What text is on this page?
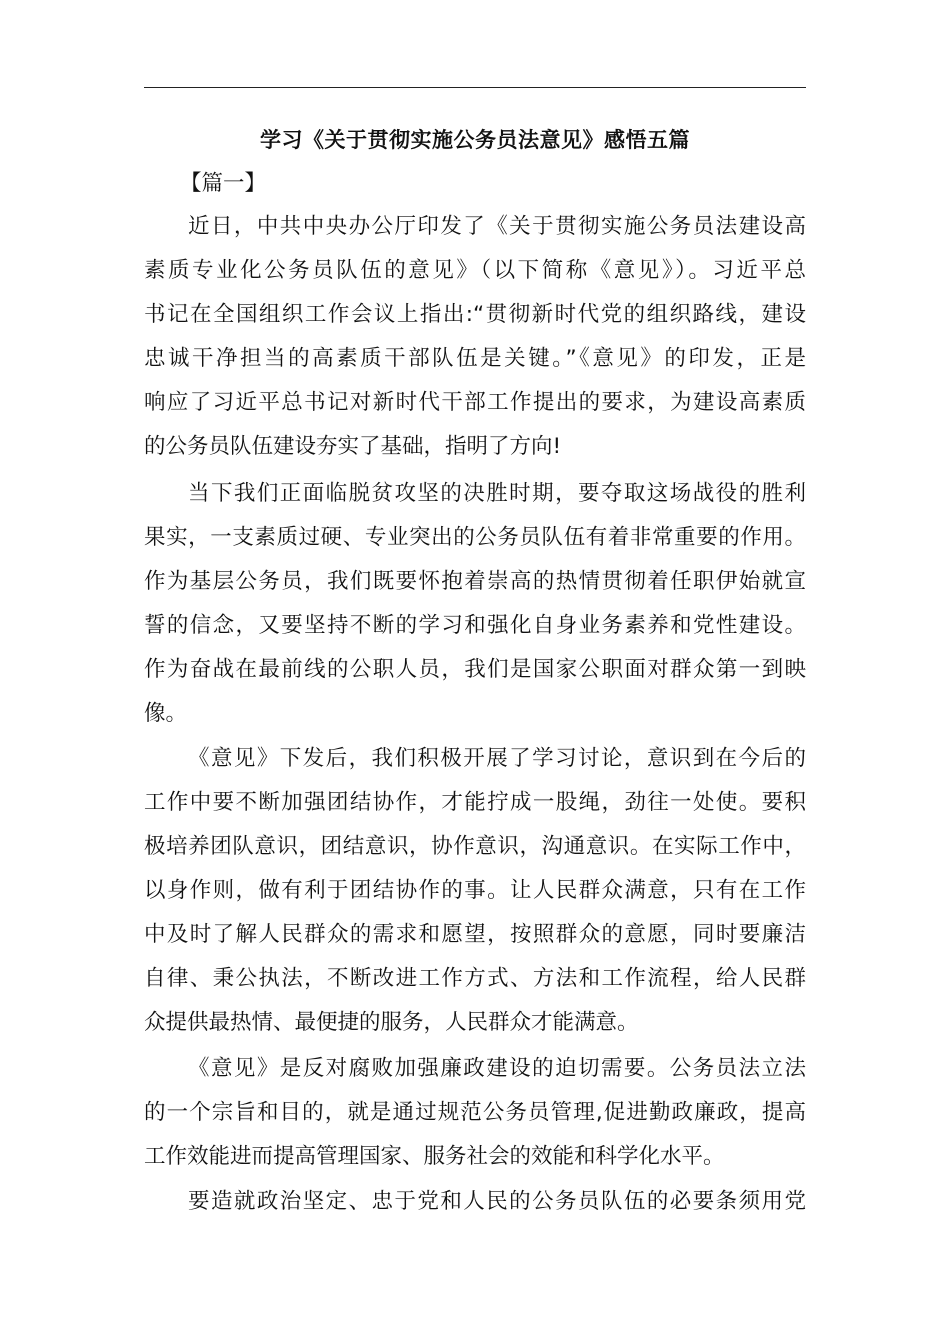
学习《关于贯彻实施公务员法意见》感悟五篇
【篇一】
近日，中共中央办公厅印发了《关于贯彻实施公务员法建设高
素质专业化公务员队伍的意见》（以下简称《意见》）。习近平总
书记在全国组织工作会议上指出:“贯彻新时代党的组织路线，建设
忠诚干净担当的高素质干部队伍是关键。”《意见》的印发，正是
响应了习近平总书记对新时代干部工作提出的要求，为建设高素质
的公务员队伍建设夯实了基础，指明了方向!
当下我们正面临脱贫攻坚的决胜时期，要夺取这场战役的胜利
果实，一支素质过硬、专业突出的公务员队伍有着非常重要的作用。
作为基层公务员，我们既要怀抱着崇高的热情贯彻着任职伊始就宣
誓的信念，又要坚持不断的学习和强化自身业务素养和党性建设。
作为奋战在最前线的公职人员，我们是国家公职面对群众第一到映
像。
《意见》下发后，我们积极开展了学习讨论，意识到在今后的
工作中要不断加强团结协作，才能拧成一股绳，劲往一处使。要积
极培养团队意识，团结意识，协作意识，沟通意识。在实际工作中，
以身作则，做有利于团结协作的事。让人民群众满意，只有在工作
中及时了解人民群众的需求和愿望，按照群众的意愿，同时要廉洁
自律、秉公执法，不断改进工作方式、方法和工作流程，给人民群
众提供最热情、最便捷的服务，人民群众才能满意。
《意见》是反对腐败加强廉政建设的迫切需要。公务员法立法
的一个宗旨和目的，就是通过规范公务员管理,促进勤政廉政，提高
工作效能进而提高管理国家、服务社会的效能和科学化水平。
要造就政治坚定、忠于党和人民的公务员队伍的必要条须用党
